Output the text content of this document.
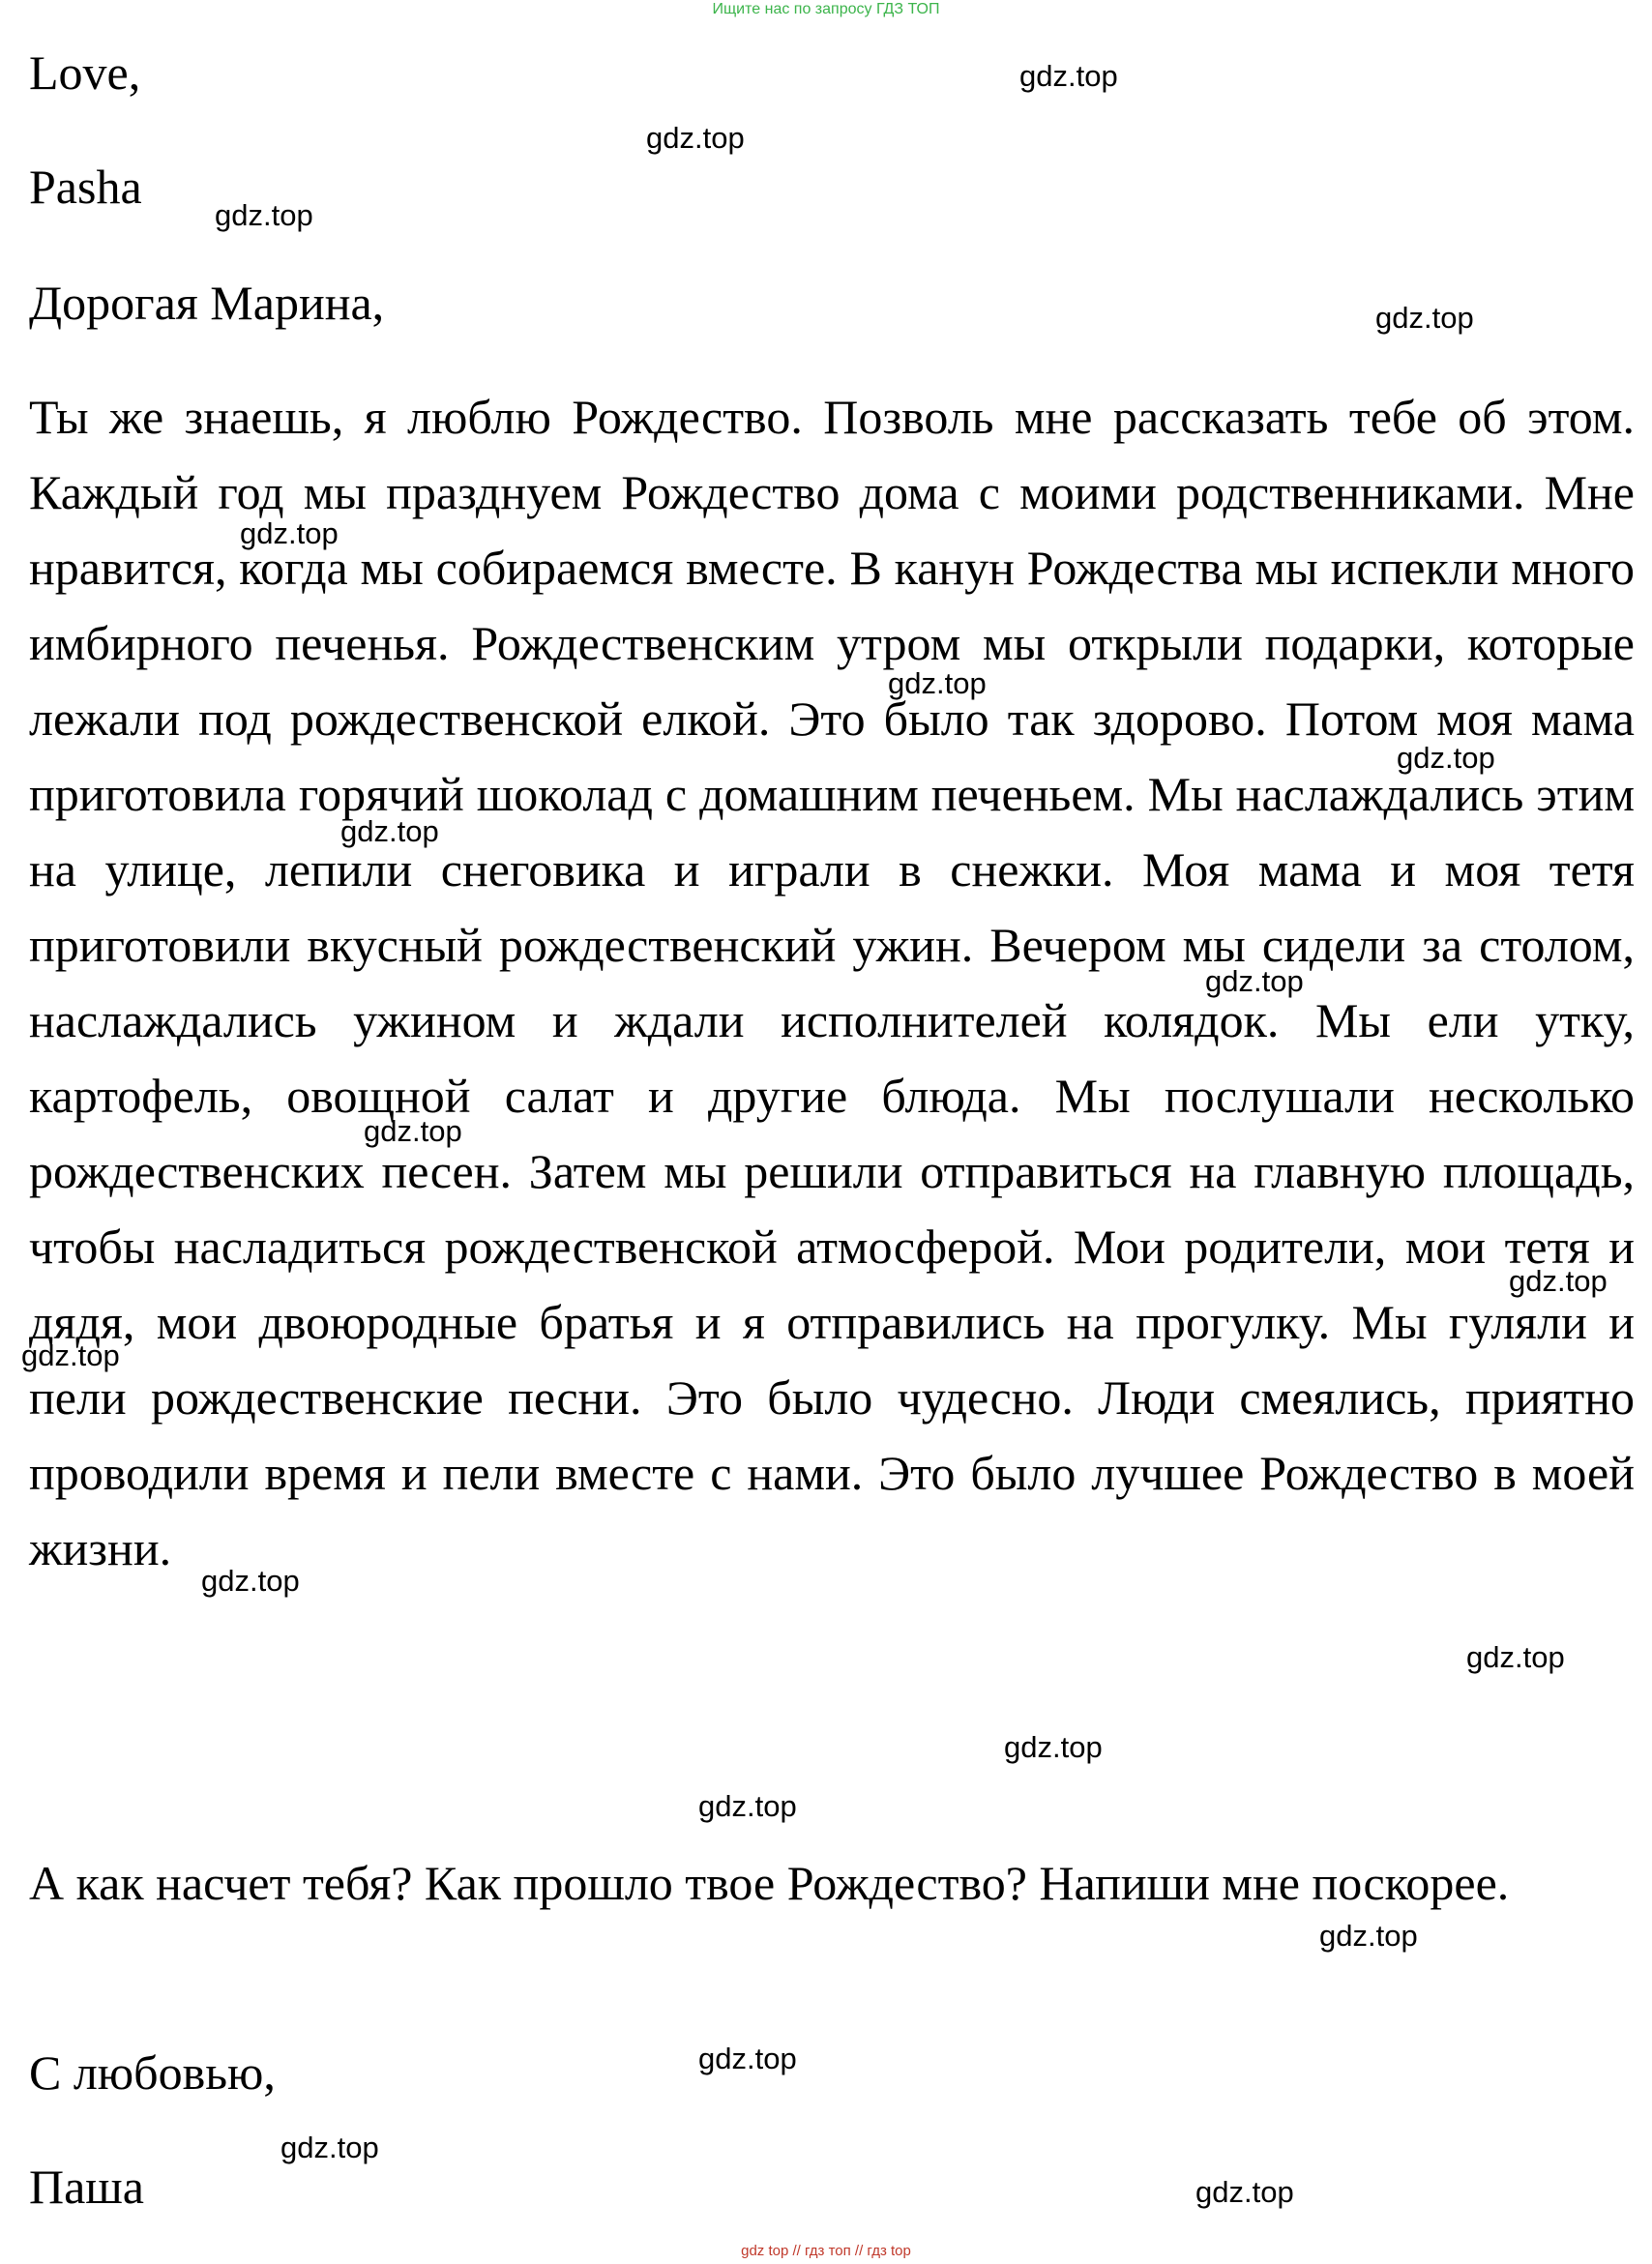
Ищите нас по запросу ГДЗ ТОП

Love,

Pasha

Дорогая Марина,

Ты же знаешь, я люблю Рождество. Позволь мне рассказать тебе об этом. Каждый год мы празднуем Рождество дома с моими родственниками. Мне нравится, когда мы собираемся вместе. В канун Рождества мы испекли много имбирного печенья. Рождественским утром мы открыли подарки, которые лежали под рождественской елкой. Это было так здорово. Потом моя мама приготовила горячий шоколад с домашним печеньем. Мы наслаждались этим на улице, лепили снеговика и играли в снежки. Моя мама и моя тетя приготовили вкусный рождественский ужин. Вечером мы сидели за столом, наслаждались ужином и ждали исполнителей колядок. Мы ели утку, картофель, овощной салат и другие блюда. Мы послушали несколько рождественских песен. Затем мы решили отправиться на главную площадь, чтобы насладиться рождественской атмосферой. Мои родители, мои тетя и дядя, мои двоюродные братья и я отправились на прогулку. Мы гуляли и пели рождественские песни. Это было чудесно. Люди смеялись, приятно проводили время и пели вместе с нами. Это было лучшее Рождество в моей жизни.

А как насчет тебя? Как прошло твое Рождество? Напиши мне поскорее.

С любовью,

Паша

gdz.top
gdz.top
gdz.top
gdz.top
gdz.top
gdz.top
gdz.top
gdz.top
gdz.top
gdz.top
gdz.top
gdz.top
gdz.top
gdz.top
gdz.top
gdz.top
gdz.top
gdz.top
gdz.top
gdz.top
gdz top // гдз топ // гдз top
